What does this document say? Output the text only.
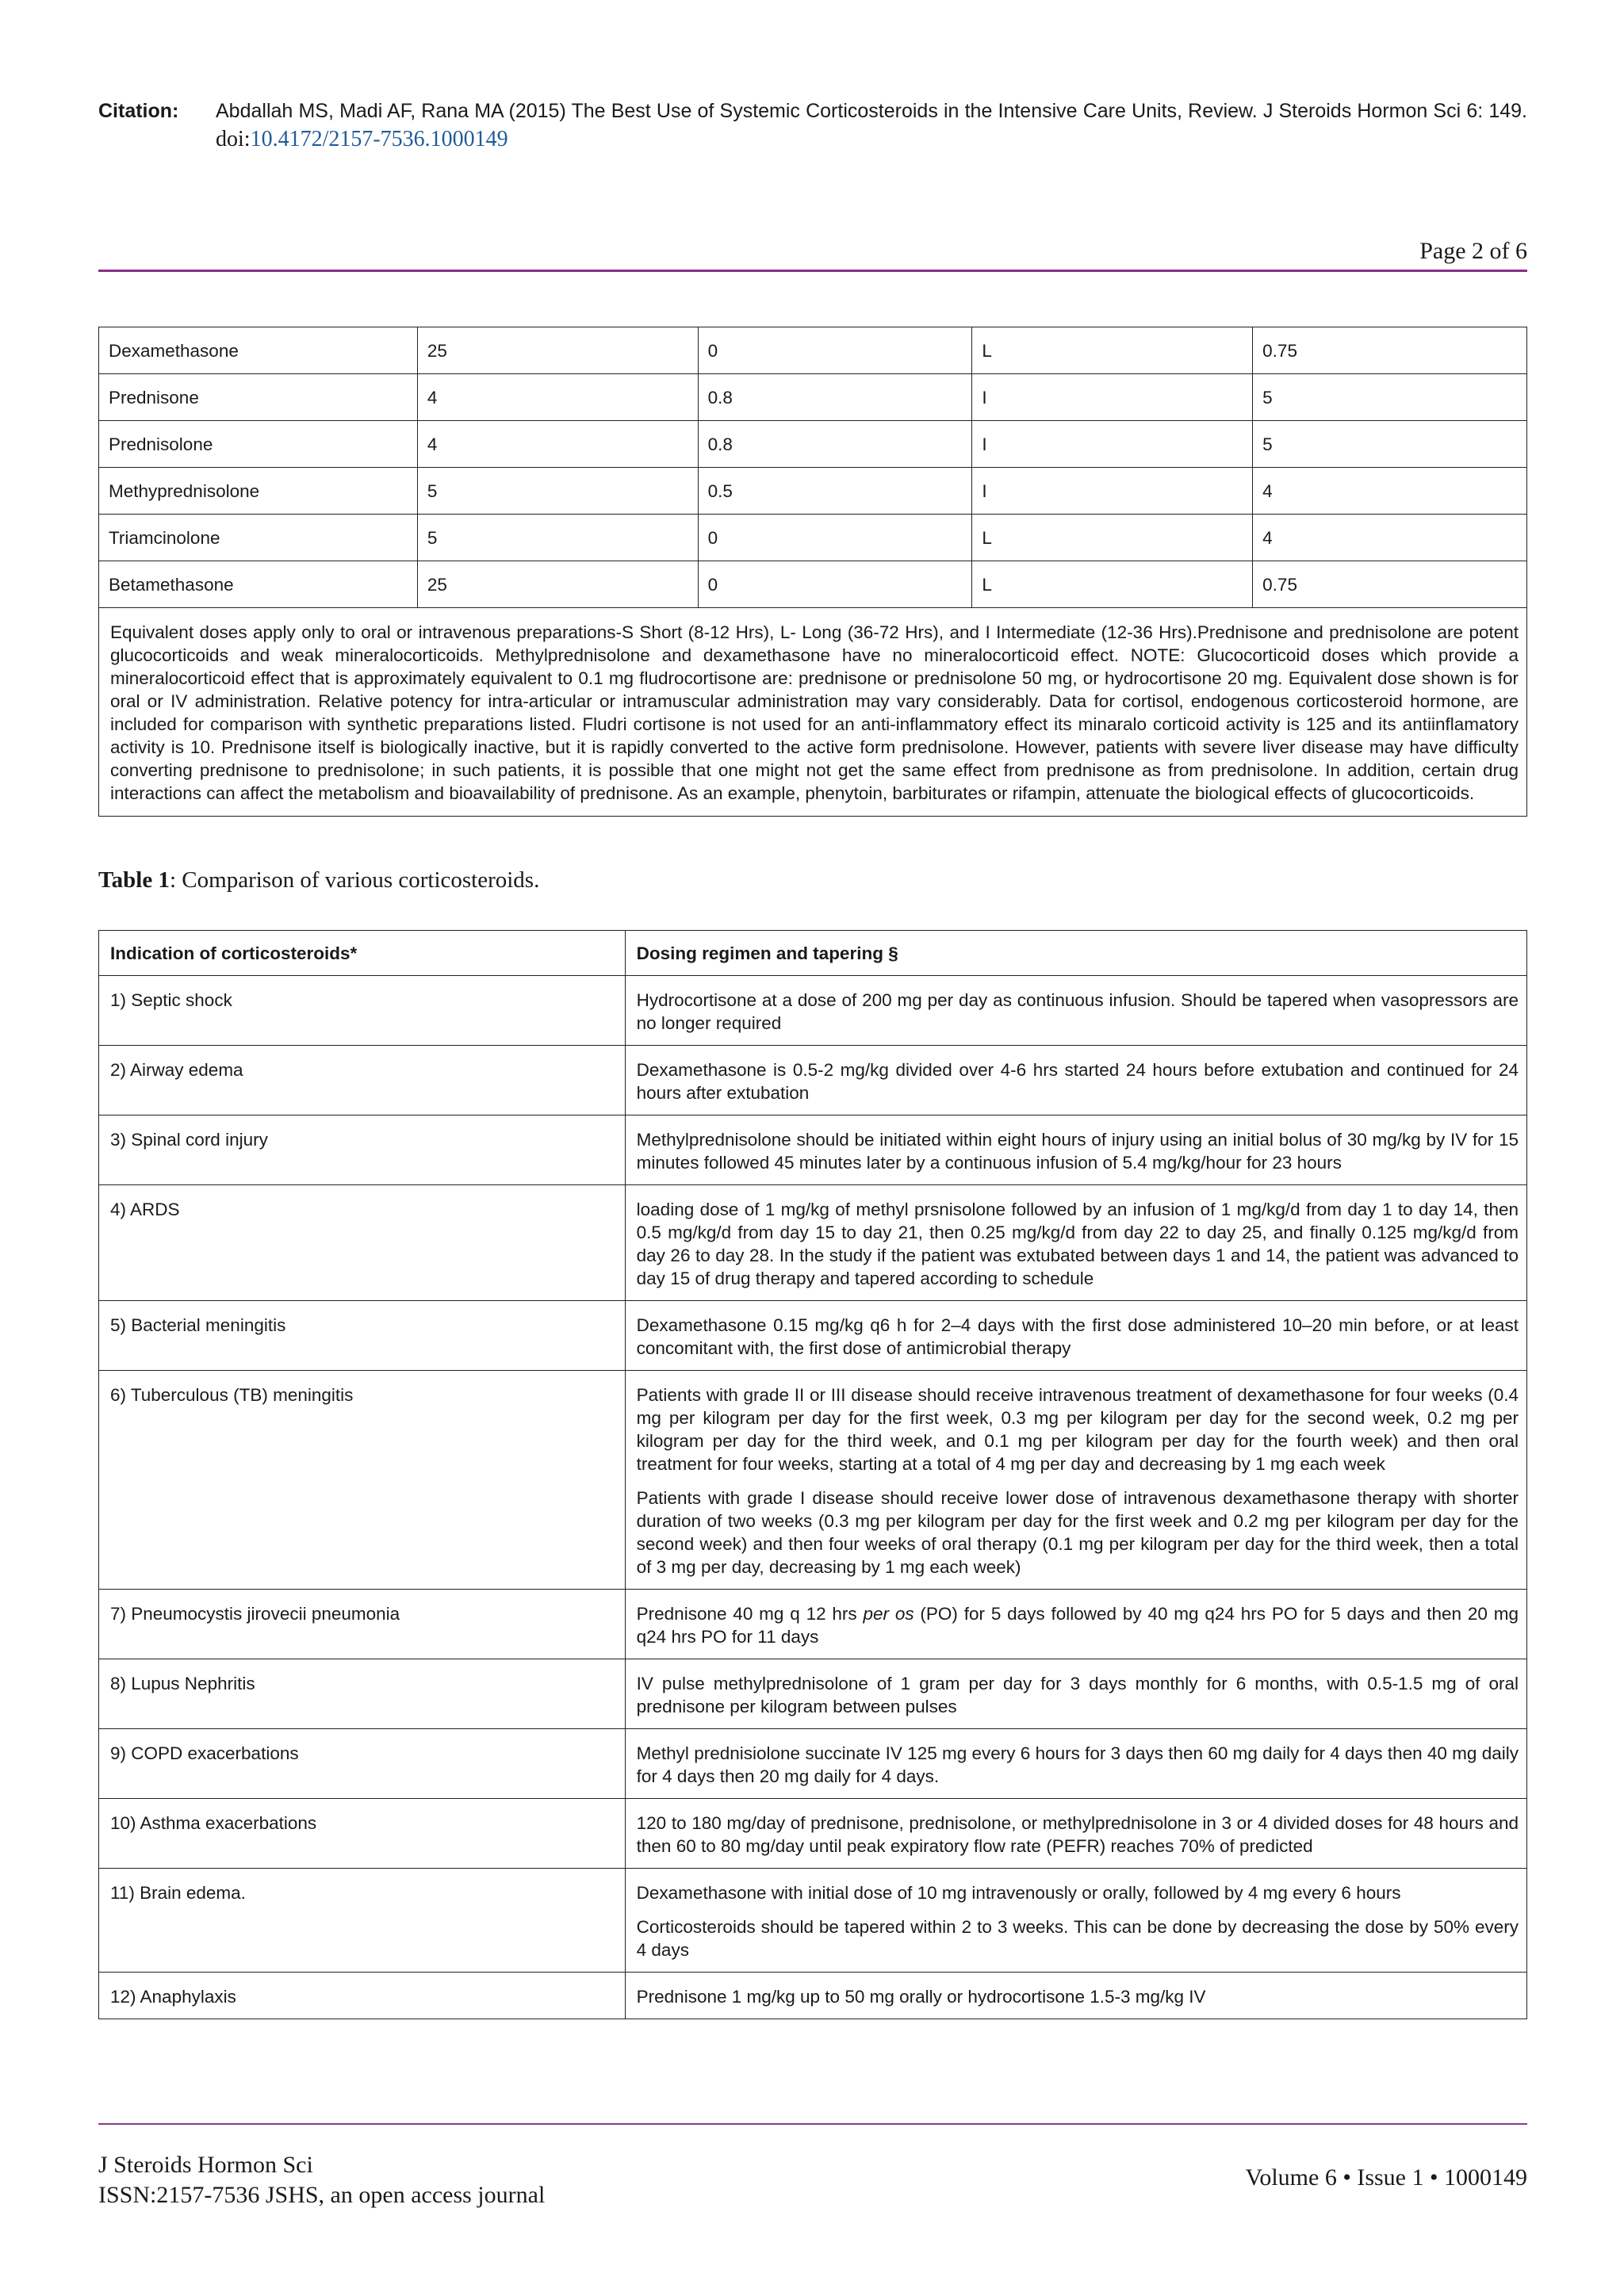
Citation:	Abdallah MS, Madi AF, Rana MA (2015) The Best Use of Systemic Corticosteroids in the Intensive Care Units, Review. J Steroids Hormon Sci 6: 149. doi:10.4172/2157-7536.1000149
Page 2 of 6
Dexamethasone	25	0	L	0.75
Prednisone	4	0.8	I	5
Prednisolone	4	0.8	I	5
Methyprednisolone	5	0.5	I	4
Triamcinolone	5	0	L	4
Betamethasone	25	0	L	0.75
Equivalent doses apply only to oral or intravenous preparations-S Short (8-12 Hrs), L- Long (36-72 Hrs), and I Intermediate (12-36 Hrs).Prednisone and prednisolone are potent glucocorticoids and weak mineralocorticoids. Methylprednisolone and dexamethasone have no mineralocorticoid effect. NOTE: Glucocorticoid doses which provide a mineralocorticoid effect that is approximately equivalent to 0.1 mg fludrocortisone are: prednisone or prednisolone 50 mg, or hydrocortisone 20 mg. Equivalent dose shown is for oral or IV administration. Relative potency for intra-articular or intramuscular administration may vary considerably. Data for cortisol, endogenous corticosteroid hormone, are included for comparison with synthetic preparations listed. Fludri cortisone is not used for an anti-inflammatory effect its minaralo corticoid activity is 125 and its antiinflamatory activity is 10. Prednisone itself is biologically inactive, but it is rapidly converted to the active form prednisolone. However, patients with severe liver disease may have difficulty converting prednisone to prednisolone; in such patients, it is possible that one might not get the same effect from prednisone as from prednisolone. In addition, certain drug interactions can affect the metabolism and bioavailability of prednisone. As an example, phenytoin, barbiturates or rifampin, attenuate the biological effects of glucocorticoids.				
Table 1: Comparison of various corticosteroids.
Indication of corticosteroids*	Dosing regimen and tapering §
1) Septic shock	Hydrocortisone at a dose of 200 mg per day as continuous infusion. Should be tapered when vasopressors are no longer required

2) Airway edema	Dexamethasone is 0.5-2 mg/kg divided over 4-6 hrs started 24 hours before extubation and continued for 24 hours after extubation

3) Spinal cord injury	Methylprednisolone should be initiated within eight hours of injury using an initial bolus of 30 mg/kg by IV for 15 minutes followed 45 minutes later by a continuous infusion of 5.4 mg/kg/hour for 23 hours

4) ARDS	loading dose of 1 mg/kg of methyl prsnisolone followed by an infusion of 1 mg/kg/d from day 1 to day 14, then 0.5 mg/kg/d from day 15 to day 21, then 0.25 mg/kg/d from day 22 to day 25, and finally 0.125 mg/kg/d from day 26 to day 28. In the study if the patient was extubated between days 1 and 14, the patient was advanced to day 15 of drug therapy and tapered according to schedule

5) Bacterial meningitis	Dexamethasone 0.15 mg/kg q6 h for 2–4 days with the first dose administered 10–20 min before, or at least concomitant with, the first dose of antimicrobial therapy

6) Tuberculous (TB) meningitis	Patients with grade II or III disease should receive intravenous treatment of dexamethasone for four weeks (0.4 mg per kilogram per day for the first week, 0.3 mg per kilogram per day for the second week, 0.2 mg per kilogram per day for the third week, and 0.1 mg per kilogram per day for the fourth week) and then oral treatment for four weeks, starting at a total of 4 mg per day and decreasing by 1 mg each week

Patients with grade I disease should receive lower dose of intravenous dexamethasone therapy with shorter duration of two weeks (0.3 mg per kilogram per day for the first week and 0.2 mg per kilogram per day for the second week) and then four weeks of oral therapy (0.1 mg per kilogram per day for the third week, then a total of 3 mg per day, decreasing by 1 mg each week)

7) Pneumocystis jirovecii pneumonia	Prednisone 40 mg q 12 hrs per os (PO) for 5 days followed by 40 mg q24 hrs PO for 5 days and then 20 mg q24 hrs PO for 11 days
8) Lupus Nephritis	IV pulse methylprednisolone of 1 gram per day for 3 days monthly for 6 months, with 0.5-1.5 mg of oral prednisone per kilogram between pulses

9) COPD exacerbations	Methyl prednisiolone succinate IV 125 mg every 6 hours for 3 days then 60 mg daily for 4 days then 40 mg daily for 4 days then 20 mg daily for 4 days.

10) Asthma exacerbations	120 to 180 mg/day of prednisone, prednisolone, or methylprednisolone in 3 or 4 divided doses for 48 hours and then 60 to 80 mg/day until peak expiratory flow rate (PEFR) reaches 70% of predicted

11) Brain edema.	Dexamethasone with initial dose of 10 mg intravenously or orally, followed by 4 mg every 6 hours

Corticosteroids should be tapered within 2 to 3 weeks. This can be done by decreasing the dose by 50% every 4 days

12) Anaphylaxis	Prednisone 1 mg/kg up to 50 mg orally or hydrocortisone 1.5-3 mg/kg IV

J Steroids Hormon Sci
ISSN:2157-7536 JSHS, an open access journal
Volume 6 • Issue 1 • 1000149
